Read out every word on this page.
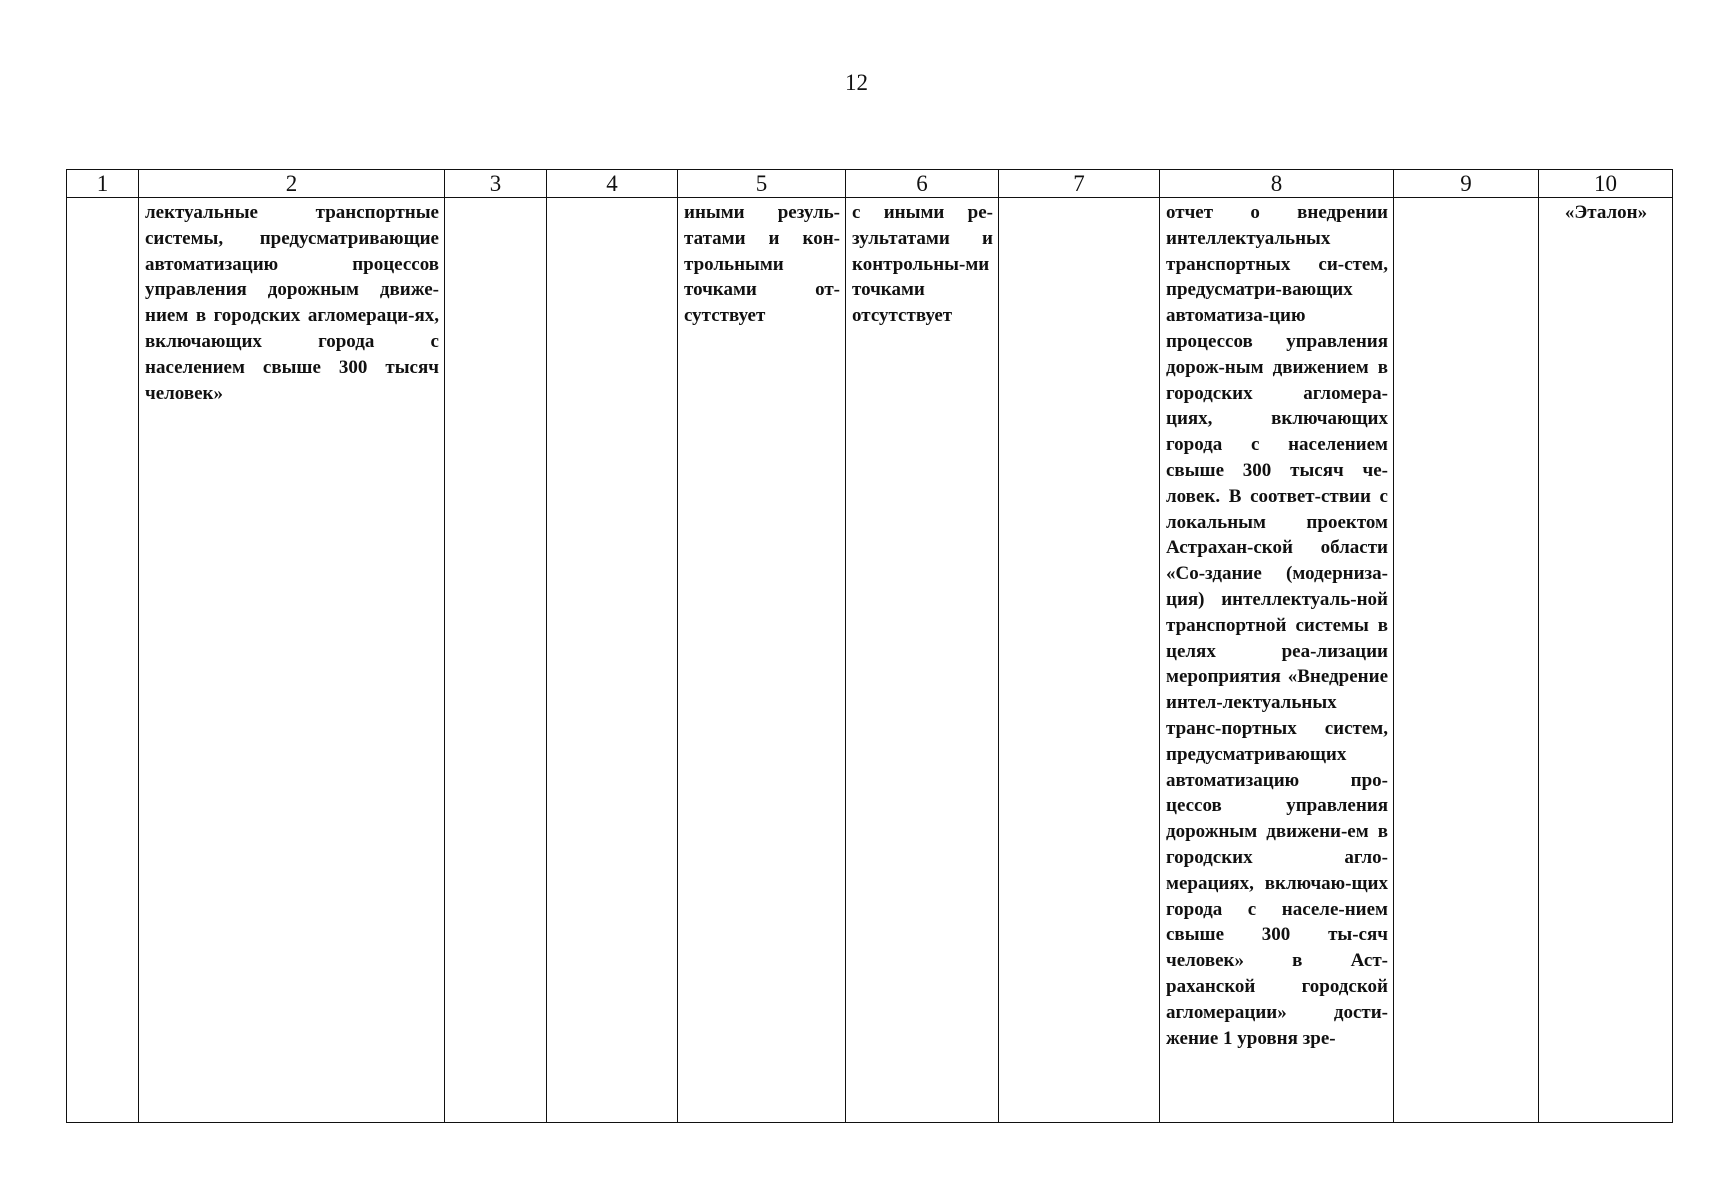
12
1	2	3	4	5	6	7	8	9	10
	лектуальные транспортные системы, предусматривающие автоматизацию процессов управления дорожным движе-нием в городских агломераци-ях, включающих города с населением свыше 300 тысяч человек»			иными резуль-татами и кон-трольными точками от-сутствует	с иными ре-зультатами и контрольны-ми точками отсутствует		отчет о внедрении интеллектуальных транспортных си-стем, предусматри-вающих автоматиза-цию процессов управления дорож-ным движением в городских агломера-циях, включающих города с населением свыше 300 тысяч че-ловек. В соответ-ствии с локальным проектом Астрахан-ской области «Со-здание (модерниза-ция) интеллектуаль-ной транспортной системы в целях реа-лизации мероприятия «Внедрение интел-лектуальных транс-портных систем, предусматривающих автоматизацию про-цессов управления дорожным движени-ем в городских агло-мерациях, включаю-щих города с населе-нием свыше 300 ты-сяч человек» в Аст-раханской городской агломерации» дости-жение 1 уровня зре-		«Эталон»
